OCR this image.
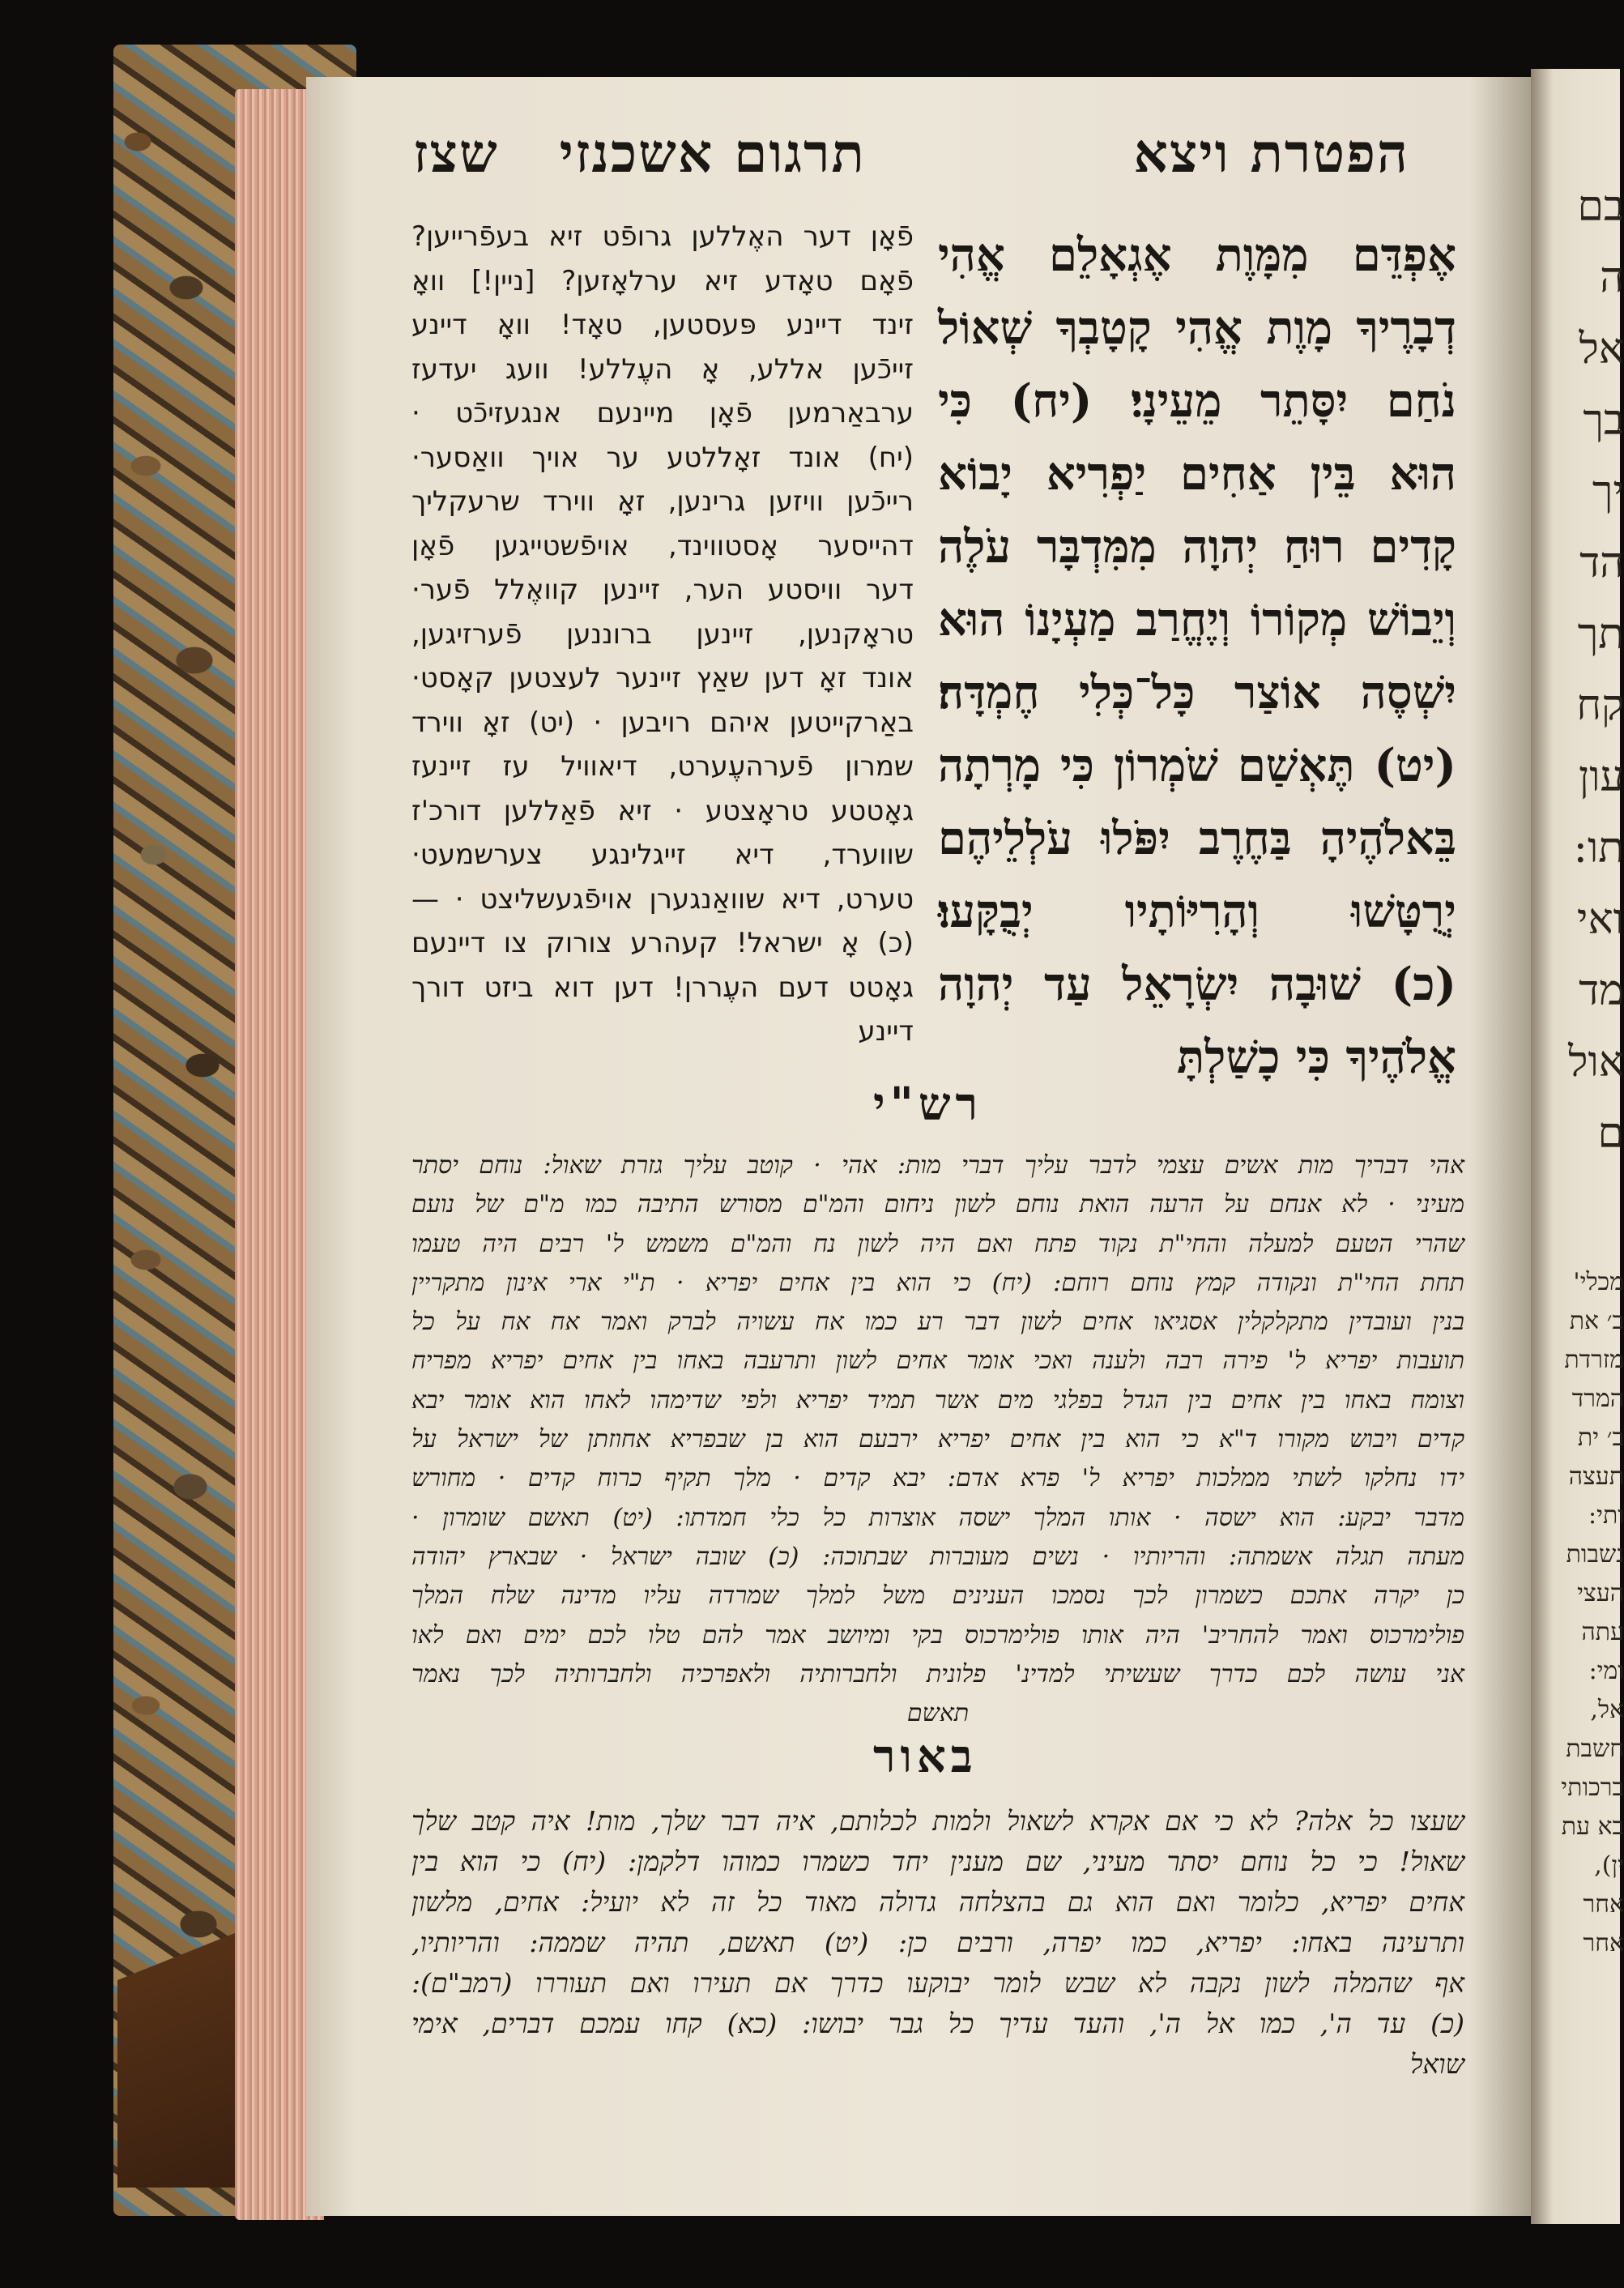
בם
ה
אל
בך
יך
הד
תך
קח
עון
תו:
ואי
מד
אול
ם
מכלי'
ב׳ את
מזרדת
המרד
ב׳ ית
תעצה
ותי:
נשבות
העצי
עתה
ומי:
אל,
חשבת
ברכותי
בא עת
ין),
אחר
אחר
הפטרת ויצא
תרגום אשכנזי   שצז
אֶפְדֵּם מִמָּוֶת אֶגְאָלֵם אֱהִי
דְבָרֶיךָ מָוֶת אֱהִי קָטָבְךָ שְׁאוֹל
נֹחַם יִסָּתֵר מֵעֵינָי׃ (יח) כִּי
הוּא בֵּין אַחִים יַפְרִיא יָבוֹא
קָדִים רוּחַ יְהוָה מִמִּדְבָּר עֹלֶה
וְיֵבוֹשׁ מְקוֹרוֹ וְיֶחֱרַב מַעְיָנוֹ הוּא
יִשְׁסֶה אוֹצַר כָּל־כְּלִי חֶמְדָּה׃
(יט) תֶּאְשַׁם שֹׁמְרוֹן כִּי מָרְתָה
בֵּאלֹהֶיהָ בַּחֶרֶב יִפֹּלוּ עֹלְלֵיהֶם
יְרֻטָּשׁוּ וְהָרִיּוֹתָיו יְבֻקָּעוּ׃
(כ) שׁוּבָה יִשְׂרָאֵל עַד יְהוָה
אֱלֹהֶיךָ כִּי כָשַׁלְתָּ
פֿאָן דער האֶללען גרופֿט זיא בעפֿרייען?
פֿאָם טאָדע זיא ערלאָזען? [ניין!] וואָ
זינד דיינע פּעסטען, טאָד! וואָ דיינע
זייכֿען אללע, אָ העֶללע! וועג יעדעז
ערבאַרמען פֿאָן מיינעם אנגעזיכֿט ·
(יח) אונד זאָללטע ער אויך וואַסער·
רייכֿען וויזען גרינען, זאָ ווירד שרעקליך
דהייסער אָסטווינד, אויפֿשטייגען פֿאָן
דער וויסטע הער, זיינען קוואֶלל פֿער·
טראָקנען, זיינען ברוננען פֿערזיגען,
אונד זאָ דען שאַץ זיינער לעצטען קאָסט·
באַרקייטען איהם רויבען · (יט) זאָ ווירד
שמרון פֿערהעֶערט, דיאוויל עז זיינעז
גאָטטע טראָצטע · זיא פֿאַללען דורכ'ז
שווערד, דיא זייגלינגע צערשמעט·
טערט, דיא שוואַנגערן אויפֿגעשליצט · —
(כ) אָ ישראל! קעהרע צורוק צו דיינעם
גאָטט דעם העֶררן! דען דוא ביזט דורך
דיינע
רש"י
אהי דבריך מות אשים עצמי לדבר עליך דברי מות: אהי · קוטב עליך גזרת שאול: נוחם יסתר
מעיני · לא אנחם על הרעה הואת נוחם לשון ניחום והמ"ם מסורש התיבה כמו מ"ם של נועם
שהרי הטעם למעלה והחי"ת נקוד פתח ואם היה לשון נח והמ"ם משמש ל' רבים היה טעמו
תחת החי"ת ונקודה קמץ נוחם רוחם: (יח) כי הוא בין אחים יפריא · ת"י ארי אינון מתקריין
בנין ועובדין מתקלקלין אסגיאו אחים לשון דבר רע כמו אח עשויה לברק ואמר אח אח על כל
תועבות יפריא ל' פירה רבה ולענה ואכי אומר אחים לשון ותרעבה באחו בין אחים יפריא מפריח
וצומח באחו בין אחים בין הגדל בפלגי מים אשר תמיד יפריא ולפי שדימהו לאחו הוא אומר יבא
קדים ויבוש מקורו ד"א כי הוא בין אחים יפריא ירבעם הוא בן שבפריא אחוזתן של ישראל על
ידו נחלקו לשתי ממלכות יפריא ל' פרא אדם: יבא קדים · מלך תקיף כרוח קדים · מחורש
מדבר יבקע: הוא ישסה · אותו המלך ישסה אוצרות כל כלי חמדתו: (יט) תאשם שומרון ·
מעתה תגלה אשמתה: והריותיו · נשים מעוברות שבתוכה: (כ) שובה ישראל · שבארץ יהודה
כן יקרה אתכם כשמרון לכך נסמכו הענינים משל למלך שמרדה עליו מדינה שלח המלך
פולימרכוס ואמר להחריב' היה אותו פולימרכוס בקי ומיושב אמר להם טלו לכם ימים ואם לאו
אני עושה לכם כדרך שעשיתי למדינ' פלונית ולחברותיה ולאפרכיה ולחברותיה לכך נאמר
תאשם
באור
שעצו כל אלה? לא כי אם אקרא לשאול ולמות לכלותם, איה דבר שלך, מות! איה קטב שלך
שאול! כי כל נוחם יסתר מעיני, שם מענין יחד כשמרו כמוהו דלקמן: (יח) כי הוא בין
אחים יפריא, כלומר ואם הוא גם בהצלחה גדולה מאוד כל זה לא יועיל: אחים, מלשון
ותרעינה באחו: יפריא, כמו יפרה, ורבים כן: (יט) תאשם, תהיה שממה: והריותיו,
אף שהמלה לשון נקבה לא שבש לומר יבוקעו כדרך אם תעירו ואם תעוררו (רמב"ם):
(כ) עד ה', כמו אל ה', והעד עדיך כל גבר יבושו: (כא) קחו עמכם דברים, אימי
שואל
